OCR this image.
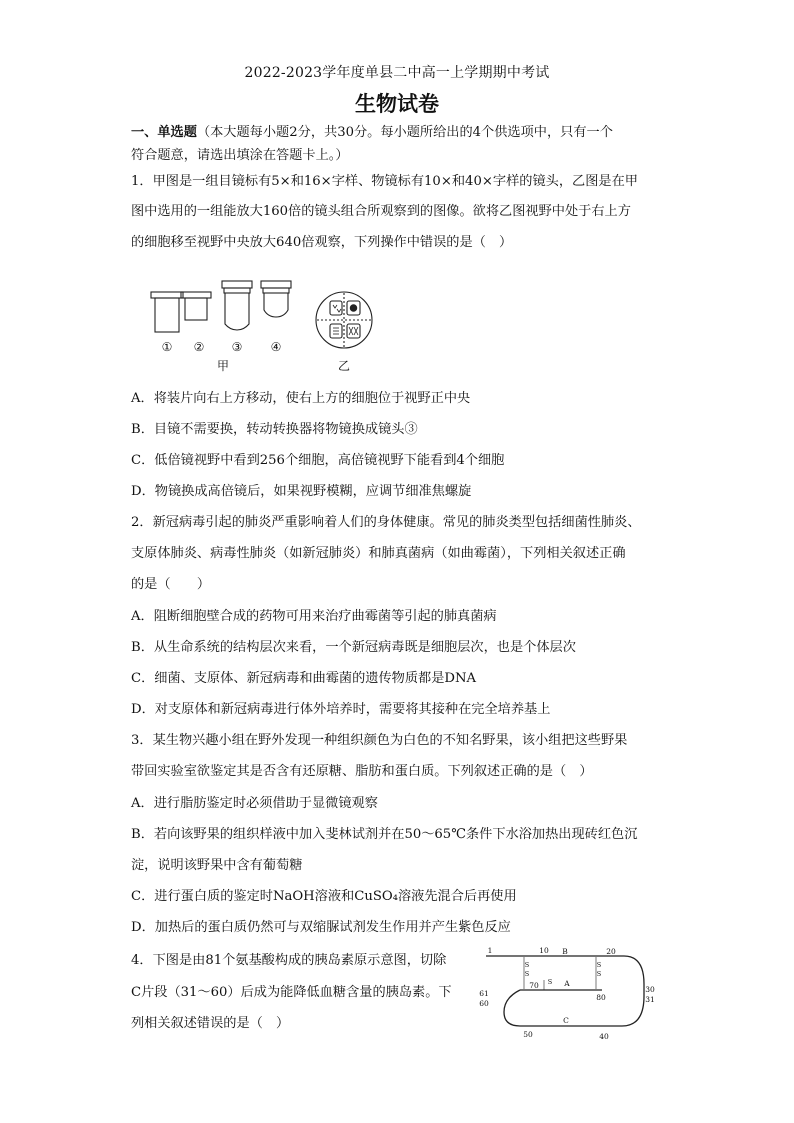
2022-2023学年度单县二中高一上学期期中考试
生物试卷
一、单选题（本大题每小题2分，共30分。每小题所给出的4个供选项中，只有一个
符合题意，请选出填涂在答题卡上。）
1．甲图是一组目镜标有5×和16×字样、物镜标有10×和40×字样的镜头，乙图是在甲
图中选用的一组能放大160倍的镜头组合所观察到的图像。欲将乙图视野中处于右上方
的细胞移至视野中央放大640倍观察，下列操作中错误的是（　）
① ② ③ ④
甲	乙
A．将装片向右上方移动，使右上方的细胞位于视野正中央
B．目镜不需要换，转动转换器将物镜换成镜头③
C．低倍镜视野中看到256个细胞，高倍镜视野下能看到4个细胞
D．物镜换成高倍镜后，如果视野模糊，应调节细准焦螺旋
2．新冠病毒引起的肺炎严重影响着人们的身体健康。常见的肺炎类型包括细菌性肺炎、
支原体肺炎、病毒性肺炎（如新冠肺炎）和肺真菌病（如曲霉菌），下列相关叙述正确
的是（　　）
A．阻断细胞壁合成的药物可用来治疗曲霉菌等引起的肺真菌病
B．从生命系统的结构层次来看，一个新冠病毒既是细胞层次，也是个体层次
C．细菌、支原体、新冠病毒和曲霉菌的遗传物质都是DNA
D．对支原体和新冠病毒进行体外培养时，需要将其接种在完全培养基上
3．某生物兴趣小组在野外发现一种组织颜色为白色的不知名野果，该小组把这些野果
带回实验室欲鉴定其是否含有还原糖、脂肪和蛋白质。下列叙述正确的是（　）
A．进行脂肪鉴定时必须借助于显微镜观察
B．若向该野果的组织样液中加入斐林试剂并在50～65℃条件下水浴加热出现砖红色沉
淀，说明该野果中含有葡萄糖
C．进行蛋白质的鉴定时NaOH溶液和CuSO₄溶液先混合后再使用
D．加热后的蛋白质仍然可与双缩脲试剂发生作用并产生紫色反应
4．下图是由81个氨基酸构成的胰岛素原示意图，切除
C片段（31～60）后成为能降低血糖含量的胰岛素。下
列相关叙述错误的是（　）
1	10	20
70
80
30
31
61
60
50	40
B
A
C
S
S
S
S
S
